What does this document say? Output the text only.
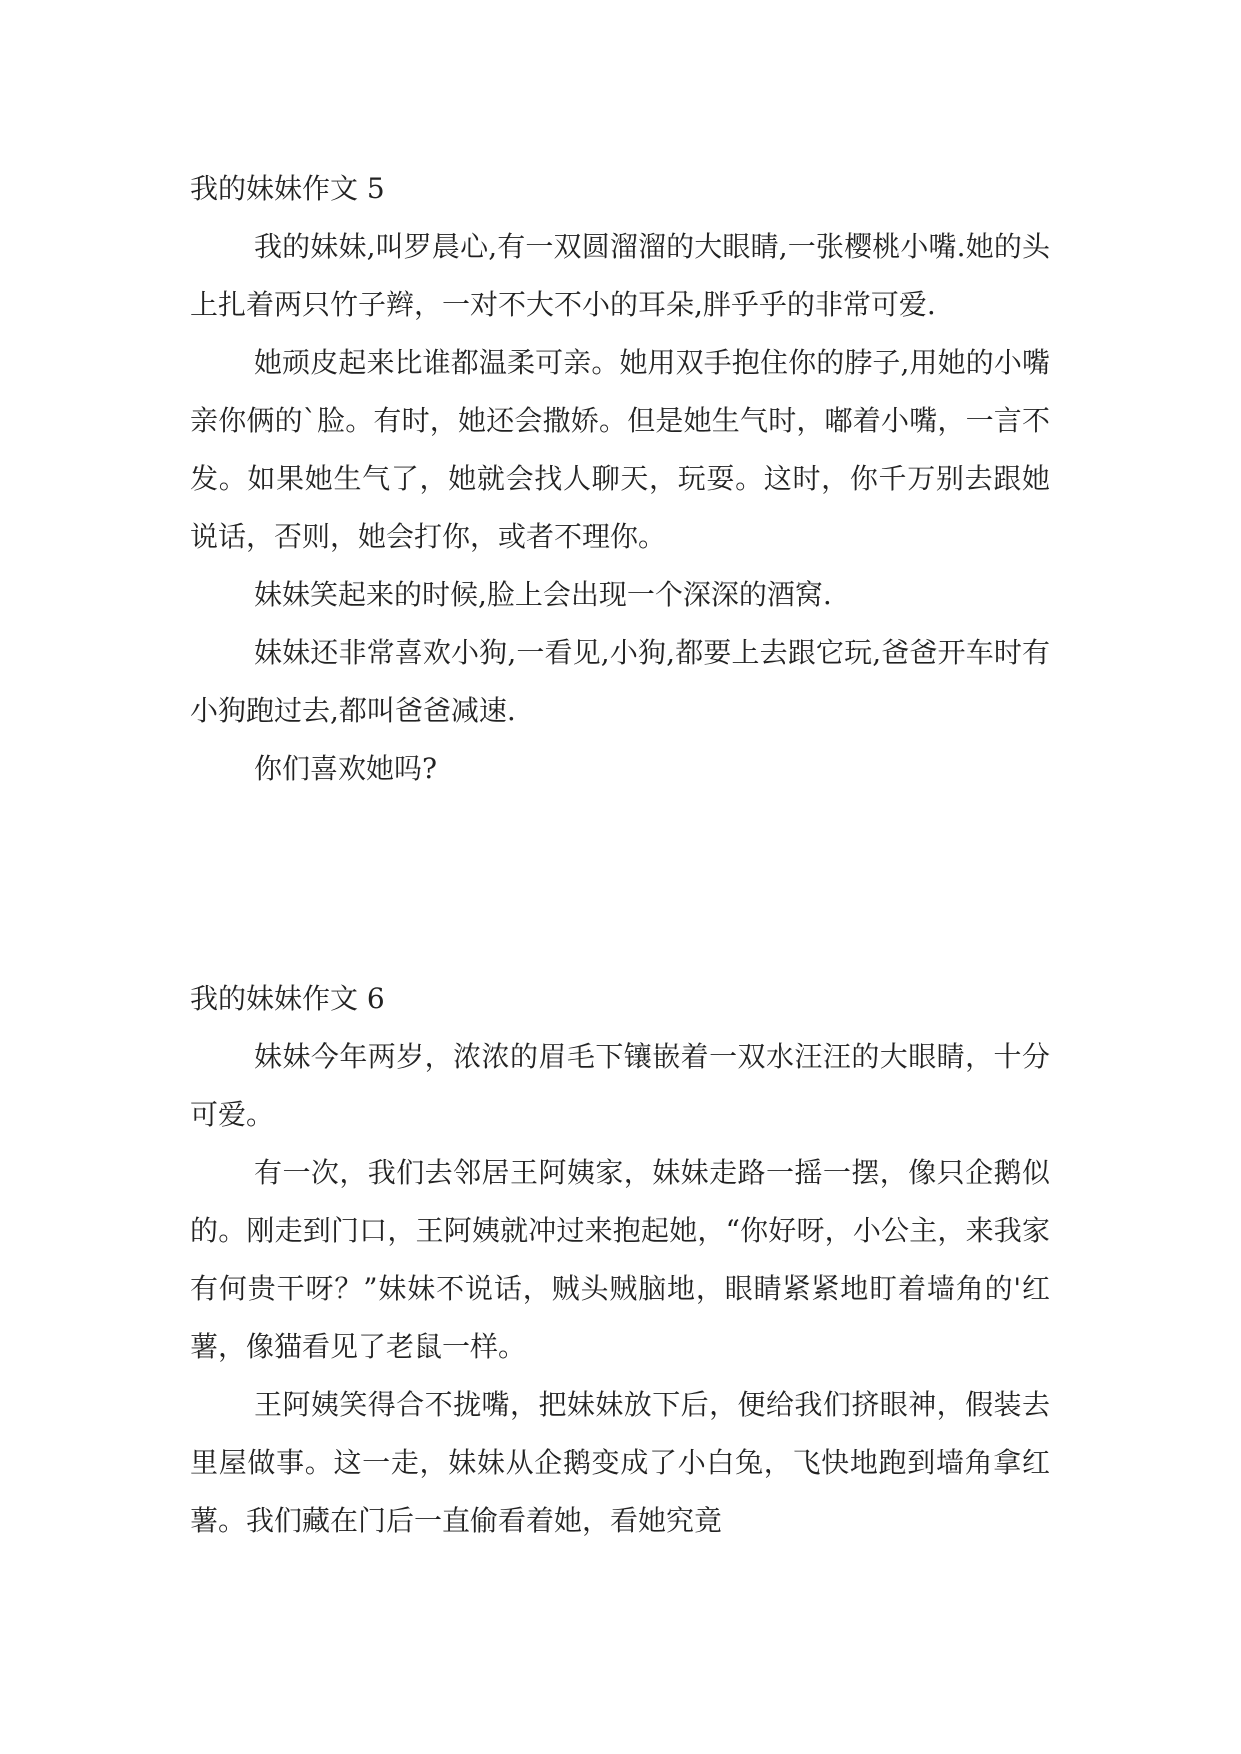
我的妹妹作文 5

我的妹妹,叫罗晨心,有一双圆溜溜的大眼睛,一张樱桃小嘴.她的头上扎着两只竹子辫，一对不大不小的耳朵,胖乎乎的非常可爱.

她顽皮起来比谁都温柔可亲。她用双手抱住你的脖子,用她的小嘴亲你俩的`脸。有时，她还会撒娇。但是她生气时，嘟着小嘴，一言不发。如果她生气了，她就会找人聊天，玩耍。这时，你千万别去跟她说话，否则，她会打你，或者不理你。

妹妹笑起来的时候,脸上会出现一个深深的酒窝.

妹妹还非常喜欢小狗,一看见,小狗,都要上去跟它玩,爸爸开车时有小狗跑过去,都叫爸爸减速.

你们喜欢她吗?

我的妹妹作文 6

妹妹今年两岁，浓浓的眉毛下镶嵌着一双水汪汪的大眼睛，十分可爱。

有一次，我们去邻居王阿姨家，妹妹走路一摇一摆，像只企鹅似的。刚走到门口，王阿姨就冲过来抱起她，“你好呀，小公主，来我家有何贵干呀？”妹妹不说话，贼头贼脑地，眼睛紧紧地盯着墙角的'红薯，像猫看见了老鼠一样。

王阿姨笑得合不拢嘴，把妹妹放下后，便给我们挤眼神，假装去里屋做事。这一走，妹妹从企鹅变成了小白兔，飞快地跑到墙角拿红薯。我们藏在门后一直偷看着她，看她究竟
